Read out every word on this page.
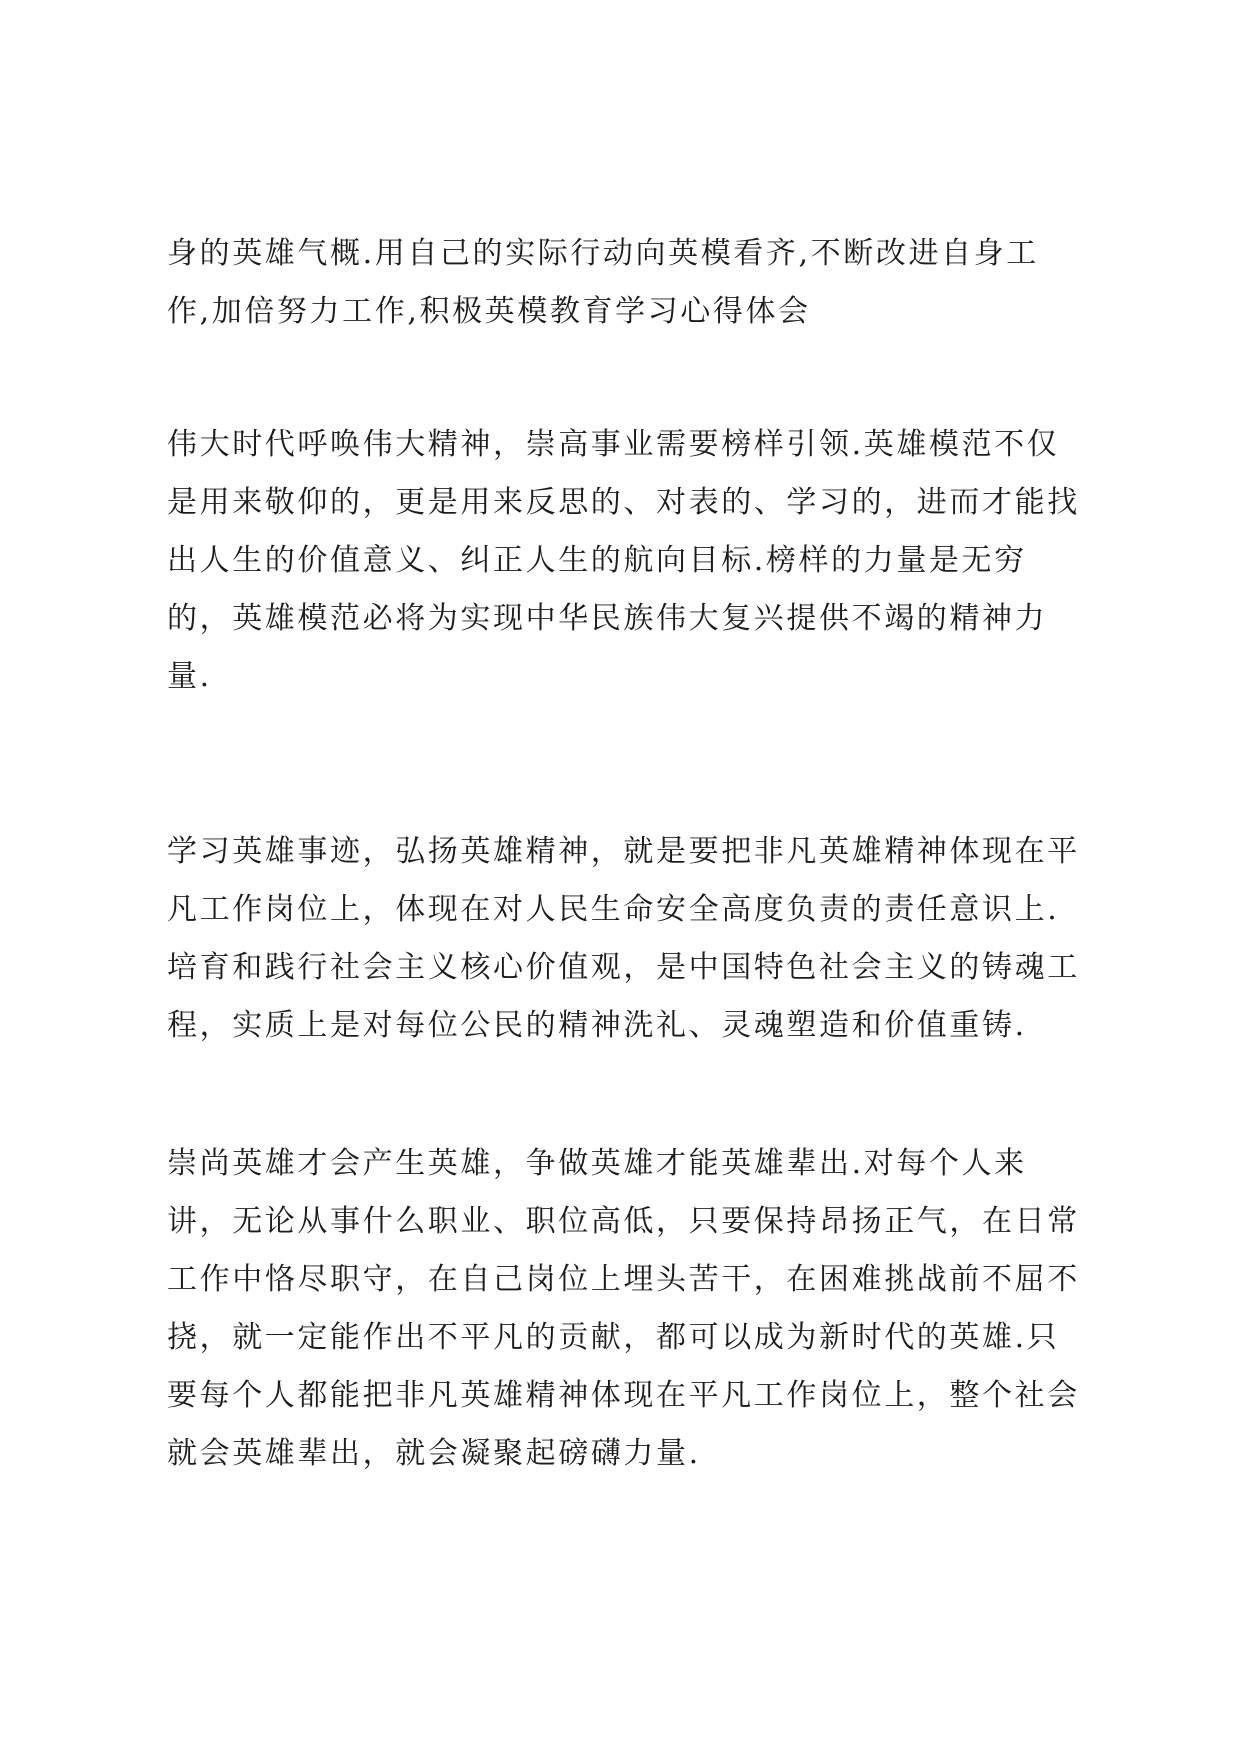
身的英雄气概.用自己的实际行动向英模看齐,不断改进自身工
作,加倍努力工作,积极英模教育学习心得体会
伟大时代呼唤伟大精神，崇高事业需要榜样引领.英雄模范不仅
是用来敬仰的，更是用来反思的、对表的、学习的，进而才能找
出人生的价值意义、纠正人生的航向目标.榜样的力量是无穷
的，英雄模范必将为实现中华民族伟大复兴提供不竭的精神力
量.
学习英雄事迹，弘扬英雄精神，就是要把非凡英雄精神体现在平
凡工作岗位上，体现在对人民生命安全高度负责的责任意识上.
培育和践行社会主义核心价值观，是中国特色社会主义的铸魂工
程，实质上是对每位公民的精神洗礼、灵魂塑造和价值重铸.
崇尚英雄才会产生英雄，争做英雄才能英雄辈出.对每个人来
讲，无论从事什么职业、职位高低，只要保持昂扬正气，在日常
工作中恪尽职守，在自己岗位上埋头苦干，在困难挑战前不屈不
挠，就一定能作出不平凡的贡献，都可以成为新时代的英雄.只
要每个人都能把非凡英雄精神体现在平凡工作岗位上，整个社会
就会英雄辈出，就会凝聚起磅礴力量.
